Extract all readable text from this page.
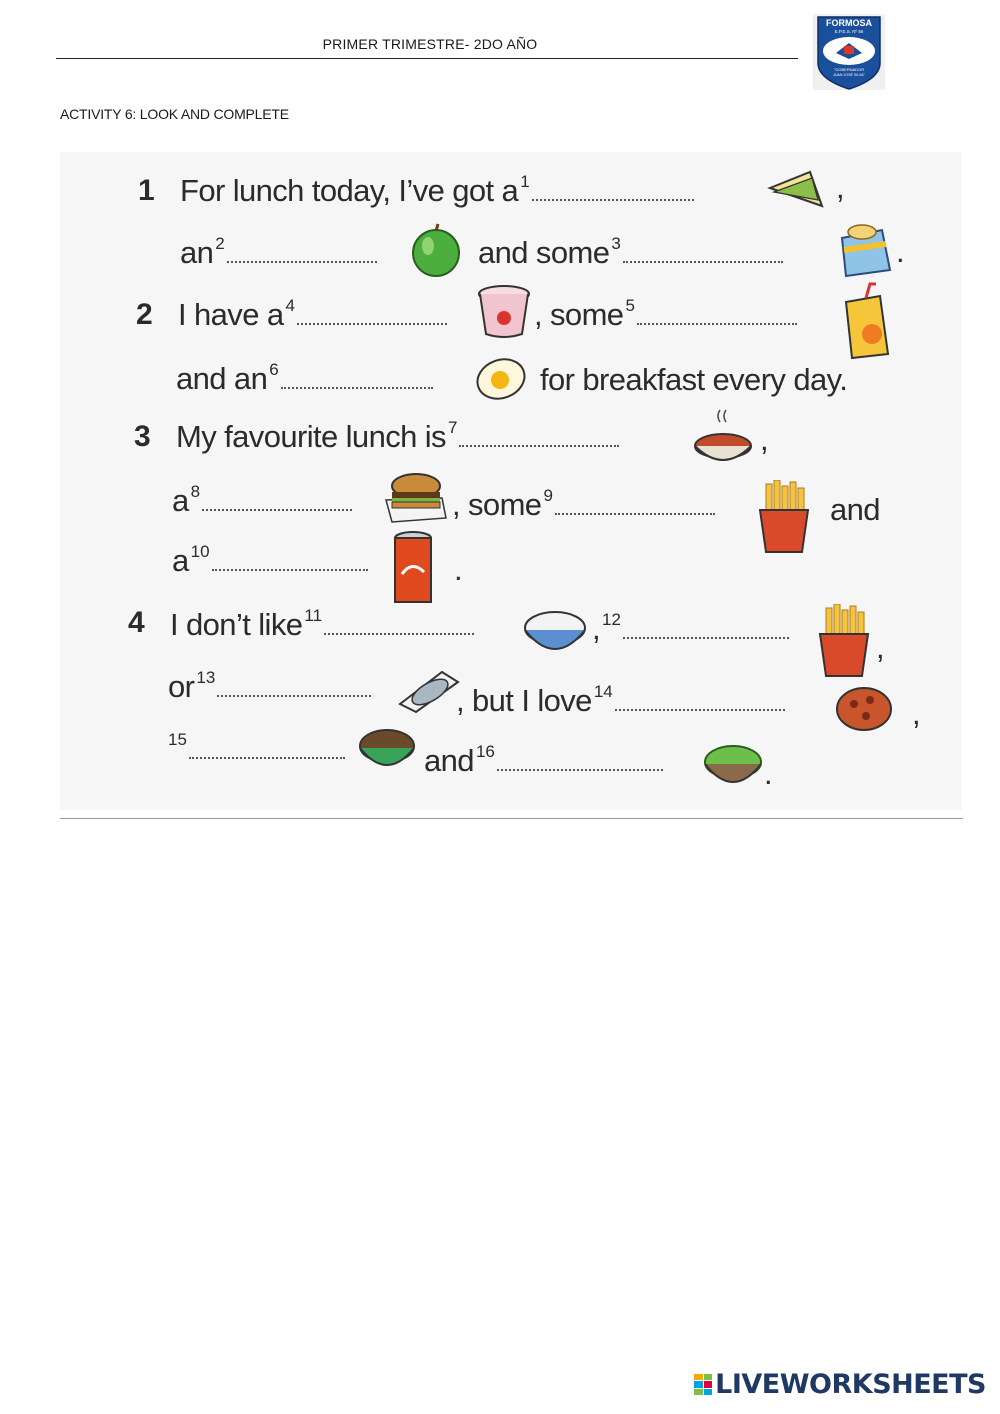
PRIMER TRIMESTRE- 2DO AÑO
FORMOSA
E.P.E.S. Nº 56
"GOBERNADOR
JUAN JOSÉ SILVA"
ACTIVITY 6: LOOK AND COMPLETE
1 For lunch today, I’ve got a $^1$	,
an $^2$	and some $^3$	.
2 I have a $^4$	, some $^5$
and an $^6$	for breakfast every day.
3 My favourite lunch is $^7$	,
a $^8$	, some $^9$	and
a $^{10}$
.
4 I don’t like $^{11}$	, $^{12}$
,
or $^{13}$
, but I love $^{14}$
,
$^{15}$
and $^{16}$
.
LIVEWORKSHEETS
